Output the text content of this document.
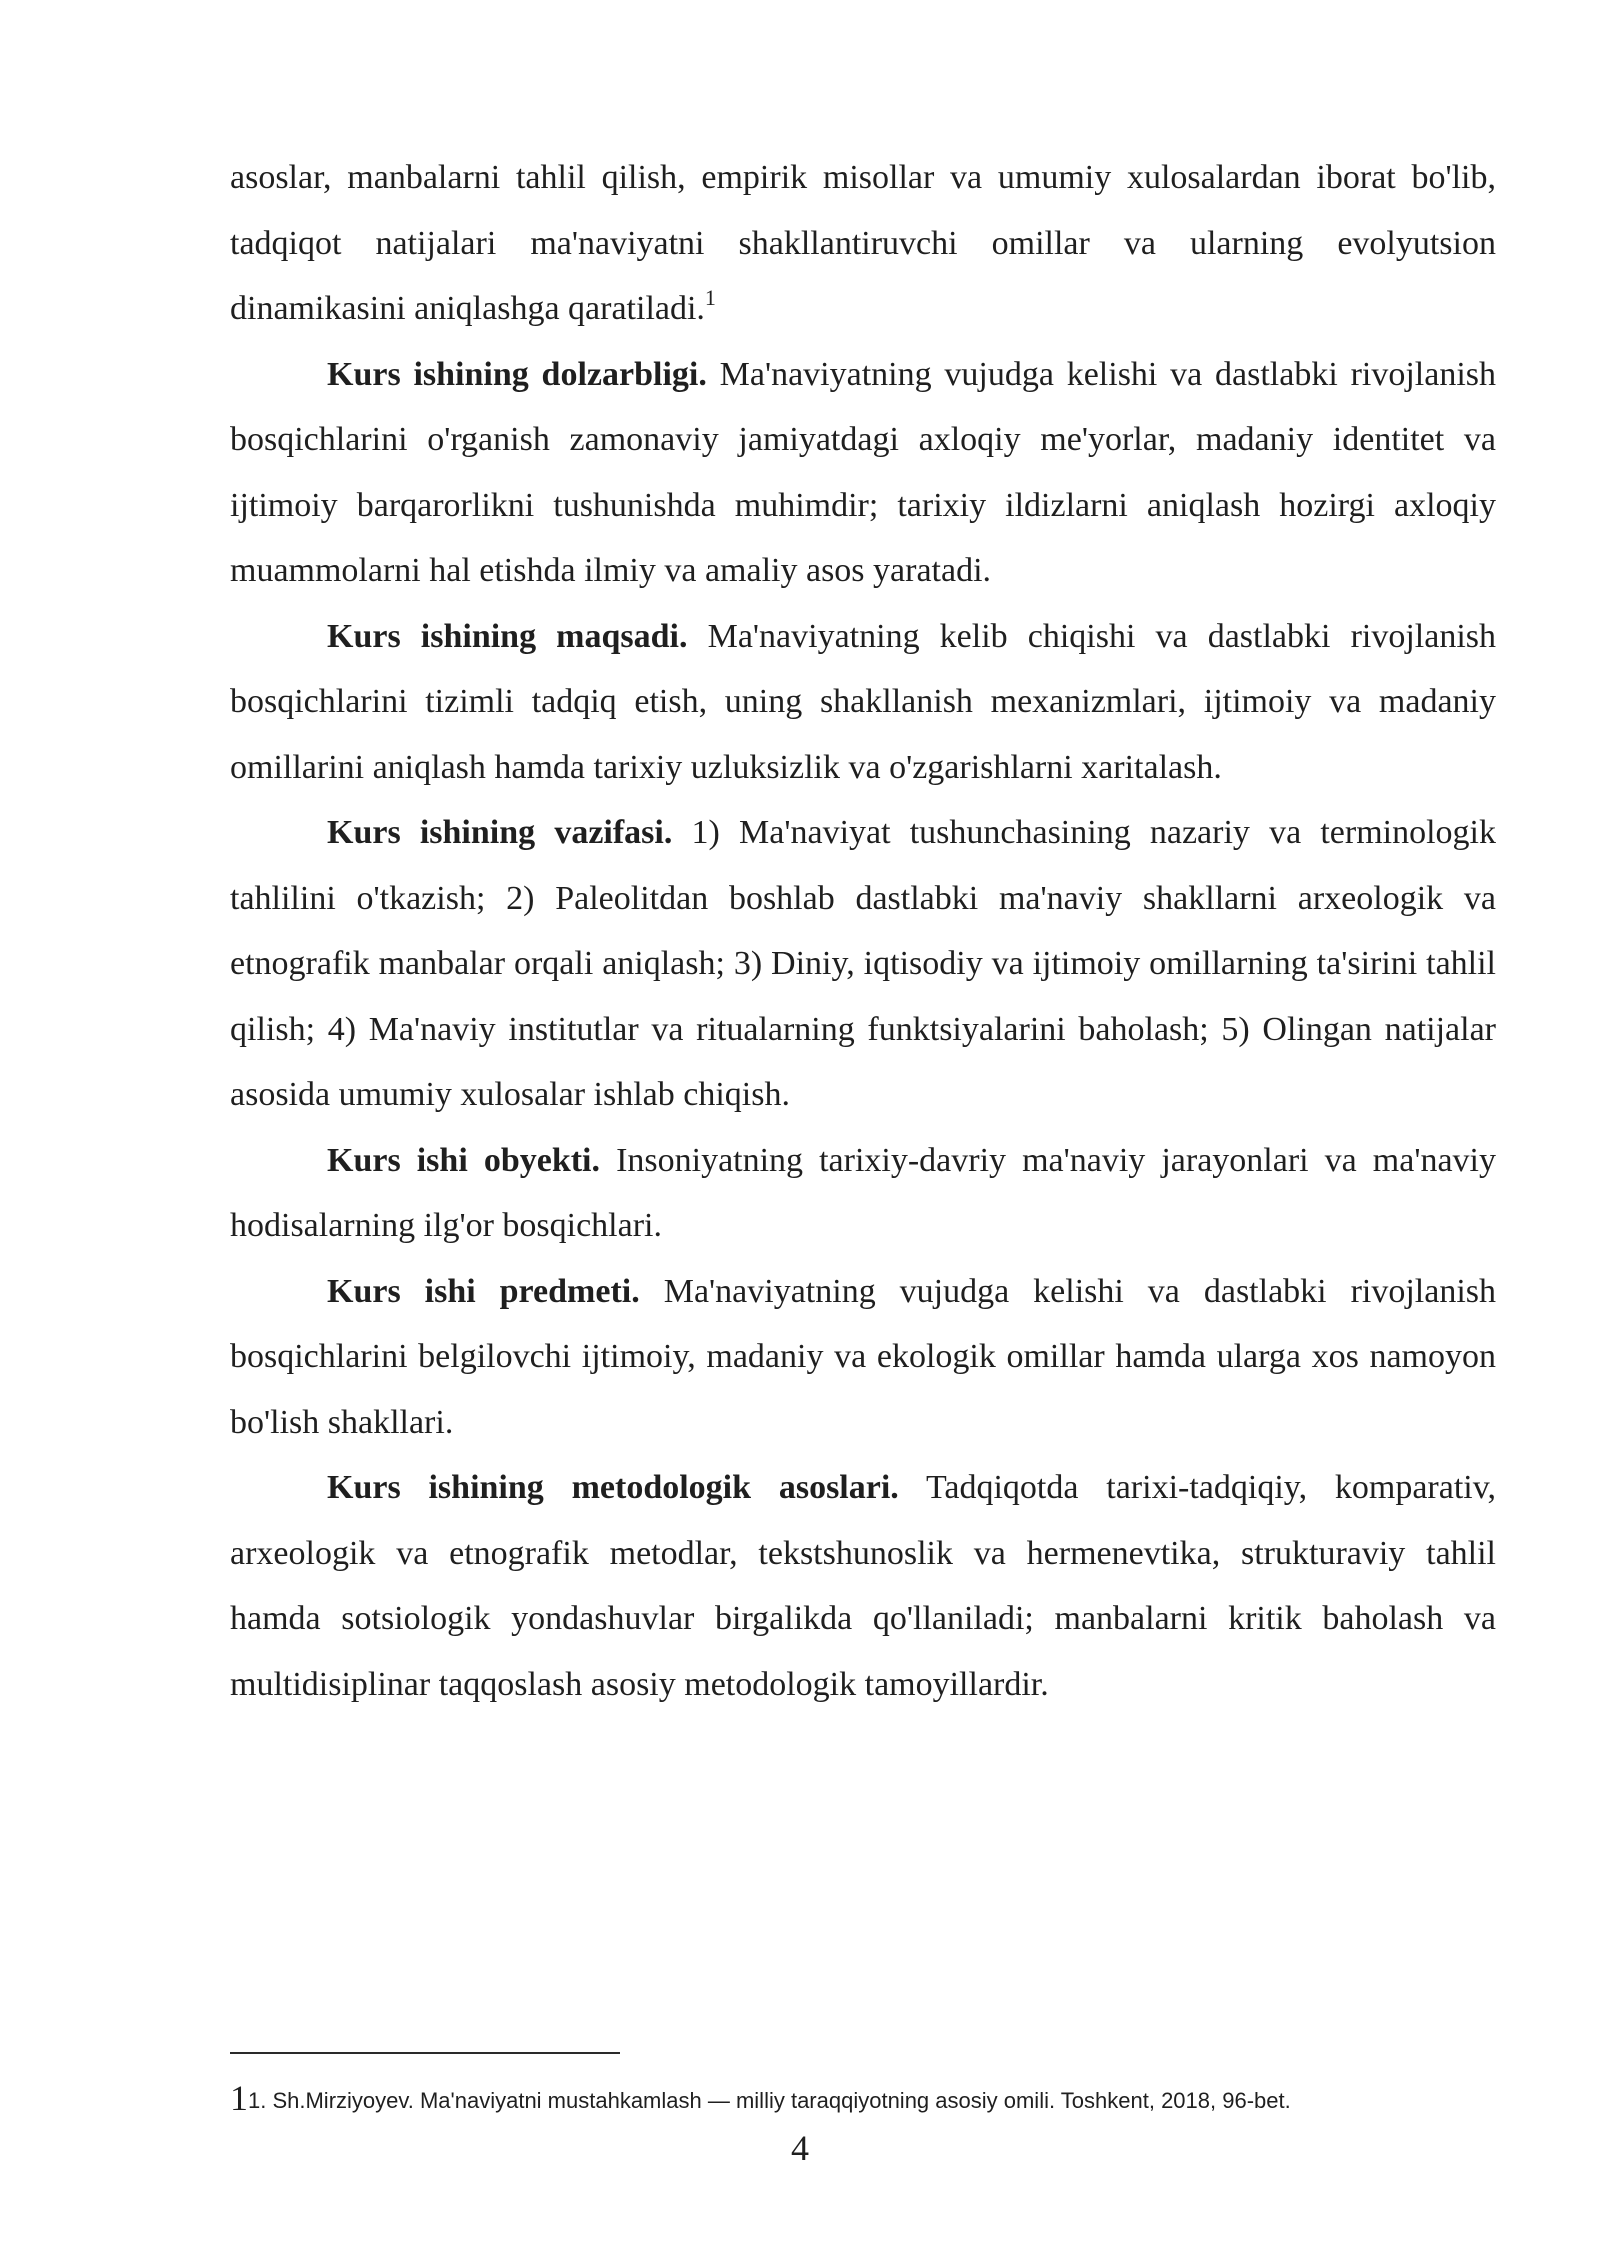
asoslar, manbalarni tahlil qilish, empirik misollar va umumiy xulosalardan iborat bo'lib, tadqiqot natijalari ma'naviyatni shakllantiruvchi omillar va ularning evolyutsion dinamikasini aniqlashga qaratiladi.$^1$

Kurs ishining dolzarbligi. Ma'naviyatning vujudga kelishi va dastlabki rivojlanish bosqichlarini o'rganish zamonaviy jamiyatdagi axloqiy me'yorlar, madaniy identitet va ijtimoiy barqarorlikni tushunishda muhimdir; tarixiy ildizlarni aniqlash hozirgi axloqiy muammolarni hal etishda ilmiy va amaliy asos yaratadi.

Kurs ishining maqsadi. Ma'naviyatning kelib chiqishi va dastlabki rivojlanish bosqichlarini tizimli tadqiq etish, uning shakllanish mexanizmlari, ijtimoiy va madaniy omillarini aniqlash hamda tarixiy uzluksizlik va o'zgarishlarni xaritalash.

Kurs ishining vazifasi. 1) Ma'naviyat tushunchasining nazariy va terminologik tahlilini o'tkazish; 2) Paleolitdan boshlab dastlabki ma'naviy shakllarni arxeologik va etnografik manbalar orqali aniqlash; 3) Diniy, iqtisodiy va ijtimoiy omillarning ta'sirini tahlil qilish; 4) Ma'naviy institutlar va ritualarning funktsiyalarini baholash; 5) Olingan natijalar asosida umumiy xulosalar ishlab chiqish.

Kurs ishi obyekti. Insoniyatning tarixiy-davriy ma'naviy jarayonlari va ma'naviy hodisalarning ilg'or bosqichlari.

Kurs ishi predmeti. Ma'naviyatning vujudga kelishi va dastlabki rivojlanish bosqichlarini belgilovchi ijtimoiy, madaniy va ekologik omillar hamda ularga xos namoyon bo'lish shakllari.

Kurs ishining metodologik asoslari. Tadqiqotda tarixi-tadqiqiy, komparativ, arxeologik va etnografik metodlar, tekstshunoslik va hermenevtika, strukturaviy tahlil hamda sotsiologik yondashuvlar birgalikda qo'llaniladi; manbalarni kritik baholash va multidisiplinar taqqoslash asosiy metodologik tamoyillardir.

11. Sh.Mirziyoyev. Ma'naviyatni mustahkamlash — milliy taraqqiyotning asosiy omili. Toshkent, 2018, 96-bet.
4
